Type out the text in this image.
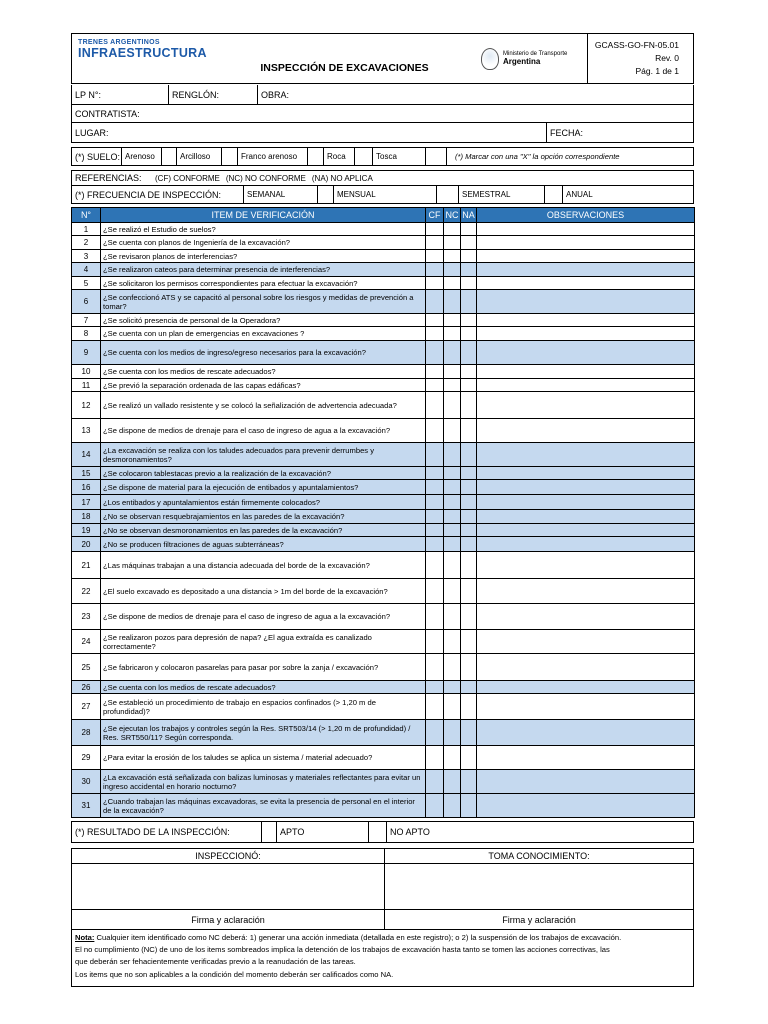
TRENES ARGENTINOS
INFRAESTRUCTURA
INSPECCIÓN DE EXCAVACIONES
Ministerio de Transporte
Argentina
GCASS-GO-FN-05.01
Rev. 0
Pág. 1 de 1
LP N°:	RENGLÓN:	OBRA:
CONTRATISTA:
LUGAR:	FECHA:
(*) SUELO: Arenoso	Arcilloso	Franco arenoso	Roca	Tosca	(*) Marcar con una "X" la opción correspondiente
REFERENCIAS:	(CF) CONFORME (NC) NO CONFORME (NA) NO APLICA
(*) FRECUENCIA DE INSPECCIÓN:	SEMANAL	MENSUAL	SEMESTRAL	ANUAL
N°	ITEM DE VERIFICACIÓN	CF	NC	NA	OBSERVACIONES
1	¿Se realizó el Estudio de suelos?				
2	¿Se cuenta con planos de Ingeniería de la excavación?				
3	¿Se revisaron planos de interferencias?				
4	¿Se realizaron cateos para determinar presencia de interferencias?				
5	¿Se solicitaron los permisos correspondientes para efectuar la excavación?				
6	¿Se confeccionó ATS y se capacitó al personal sobre los riesgos y medidas de prevención a tomar?				
7	¿Se solicitó presencia de personal de la Operadora?				
8	¿Se cuenta con un plan de emergencias en excavaciones ?				
9	¿Se cuenta con los medios de ingreso/egreso necesarios para la excavación?				
10	¿Se cuenta con los medios de rescate adecuados?				
11	¿Se previó la separación ordenada de las capas edáficas?				
12	¿Se realizó un vallado resistente y se colocó la señalización de advertencia adecuada?				
13	¿Se dispone de medios de drenaje para el caso de ingreso de agua a la excavación?				
14	¿La excavación se realiza con los taludes adecuados para prevenir derrumbes y desmoronamientos?				
15	¿Se colocaron tablestacas previo a la realización de la excavación?				
16	¿Se dispone de material para la ejecución de entibados y apuntalamientos?				
17	¿Los entibados y apuntalamientos están firmemente colocados?				
18	¿No se observan resquebrajamientos en las paredes de la excavación?				
19	¿No se observan desmoronamientos en las paredes de la excavación?				
20	¿No se producen filtraciones de aguas subterráneas?				
21	¿Las máquinas trabajan a una distancia adecuada del borde de la excavación?				
22	¿El suelo excavado es depositado a una distancia > 1m del borde de la excavación?				
23	¿Se dispone de medios de drenaje para el caso de ingreso de agua a la excavación?				
24	¿Se realizaron pozos para depresión de napa? ¿El agua extraída es canalizado correctamente?				
25	¿Se fabricaron y colocaron pasarelas para pasar por sobre la zanja / excavación?				
26	¿Se cuenta con los medios de rescate adecuados?				
27	¿Se estableció un procedimiento de trabajo en espacios confinados (> 1,20 m de profundidad)?				
28	¿Se ejecutan los trabajos y controles según la Res. SRT503/14 (> 1,20 m de profundidad) / Res. SRT550/11? Según corresponda.				
29	¿Para evitar la erosión de los taludes se aplica un sistema / material adecuado?				
30	¿La excavación está señalizada con balizas luminosas y materiales reflectantes para evitar un ingreso accidental en horario nocturno?				
31	¿Cuando trabajan las máquinas excavadoras, se evita la presencia de personal en el interior de la excavación?				
(*) RESULTADO DE LA INSPECCIÓN:	APTO	NO APTO
INSPECCIONÓ:	TOMA CONOCIMIENTO:
Firma y aclaración	Firma y aclaración
Nota: Cualquier item identificado como NC deberá: 1) generar una acción inmediata (detallada en este registro); o 2) la suspensión de los trabajos de excavación.
El no cumplimiento (NC) de uno de los items sombreados implica la detención de los trabajos de excavación hasta tanto se tomen las acciones correctivas, las
que deberán ser fehacientemente verificadas previo a la reanudación de las tareas.
Los items que no son aplicables a la condición del momento deberán ser calificados como NA.
